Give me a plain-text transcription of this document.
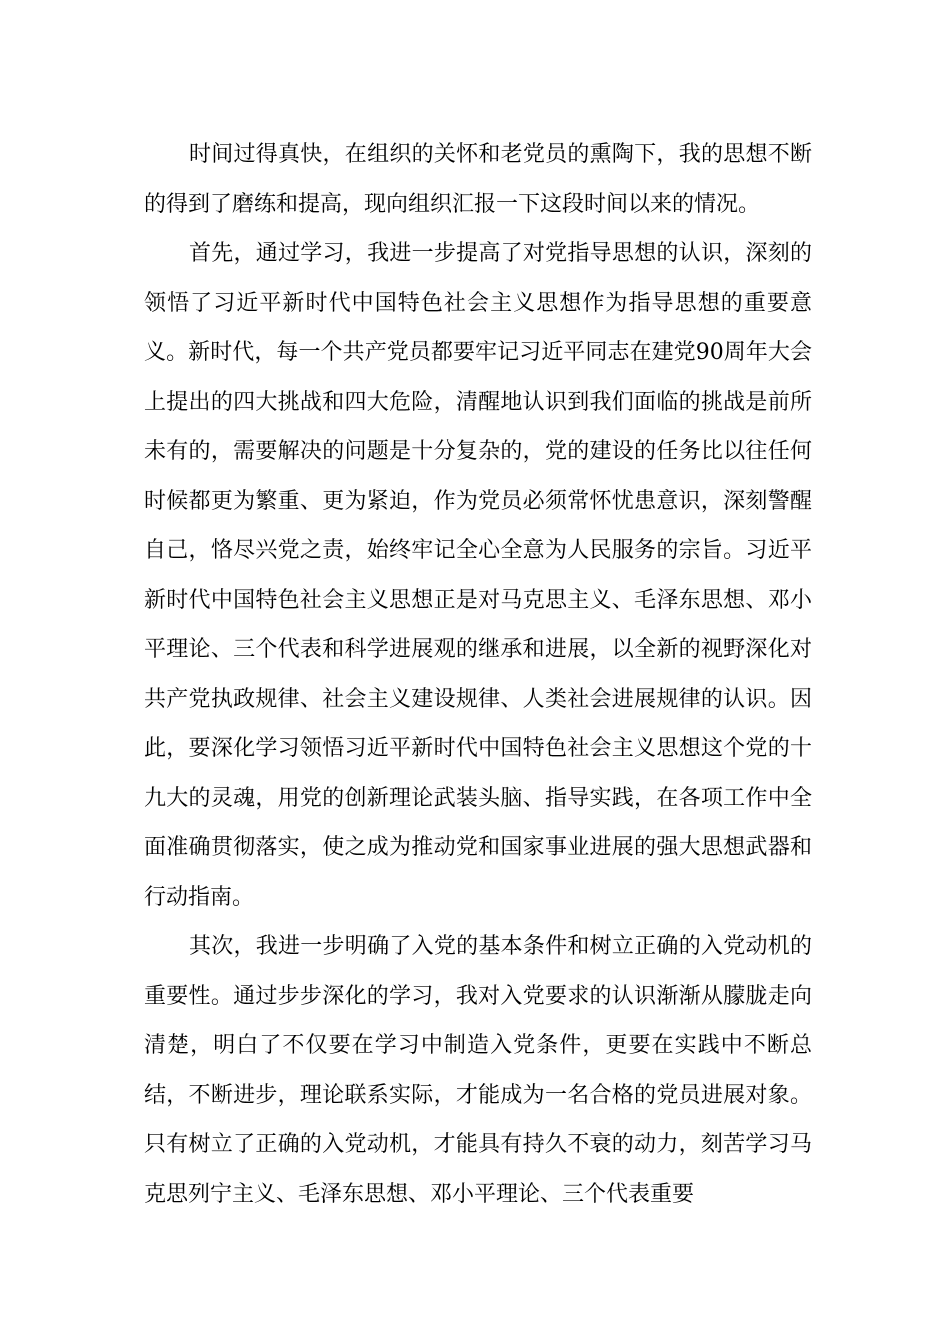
时间过得真快，在组织的关怀和老党员的熏陶下，我的思想不断的得到了磨练和提高，现向组织汇报一下这段时间以来的情况。

首先，通过学习，我进一步提高了对党指导思想的认识，深刻的领悟了习近平新时代中国特色社会主义思想作为指导思想的重要意义。新时代，每一个共产党员都要牢记习近平同志在建党90周年大会上提出的四大挑战和四大危险，清醒地认识到我们面临的挑战是前所未有的，需要解决的问题是十分复杂的，党的建设的任务比以往任何时候都更为繁重、更为紧迫，作为党员必须常怀忧患意识，深刻警醒自己，恪尽兴党之责，始终牢记全心全意为人民服务的宗旨。习近平新时代中国特色社会主义思想正是对马克思主义、毛泽东思想、邓小平理论、三个代表和科学进展观的继承和进展，以全新的视野深化对共产党执政规律、社会主义建设规律、人类社会进展规律的认识。因此，要深化学习领悟习近平新时代中国特色社会主义思想这个党的十九大的灵魂，用党的创新理论武装头脑、指导实践，在各项工作中全面准确贯彻落实，使之成为推动党和国家事业进展的强大思想武器和行动指南。

其次，我进一步明确了入党的基本条件和树立正确的入党动机的重要性。通过步步深化的学习，我对入党要求的认识渐渐从朦胧走向清楚，明白了不仅要在学习中制造入党条件，更要在实践中不断总结，不断进步，理论联系实际，才能成为一名合格的党员进展对象。只有树立了正确的入党动机，才能具有持久不衰的动力，刻苦学习马克思列宁主义、毛泽东思想、邓小平理论、三个代表重要
